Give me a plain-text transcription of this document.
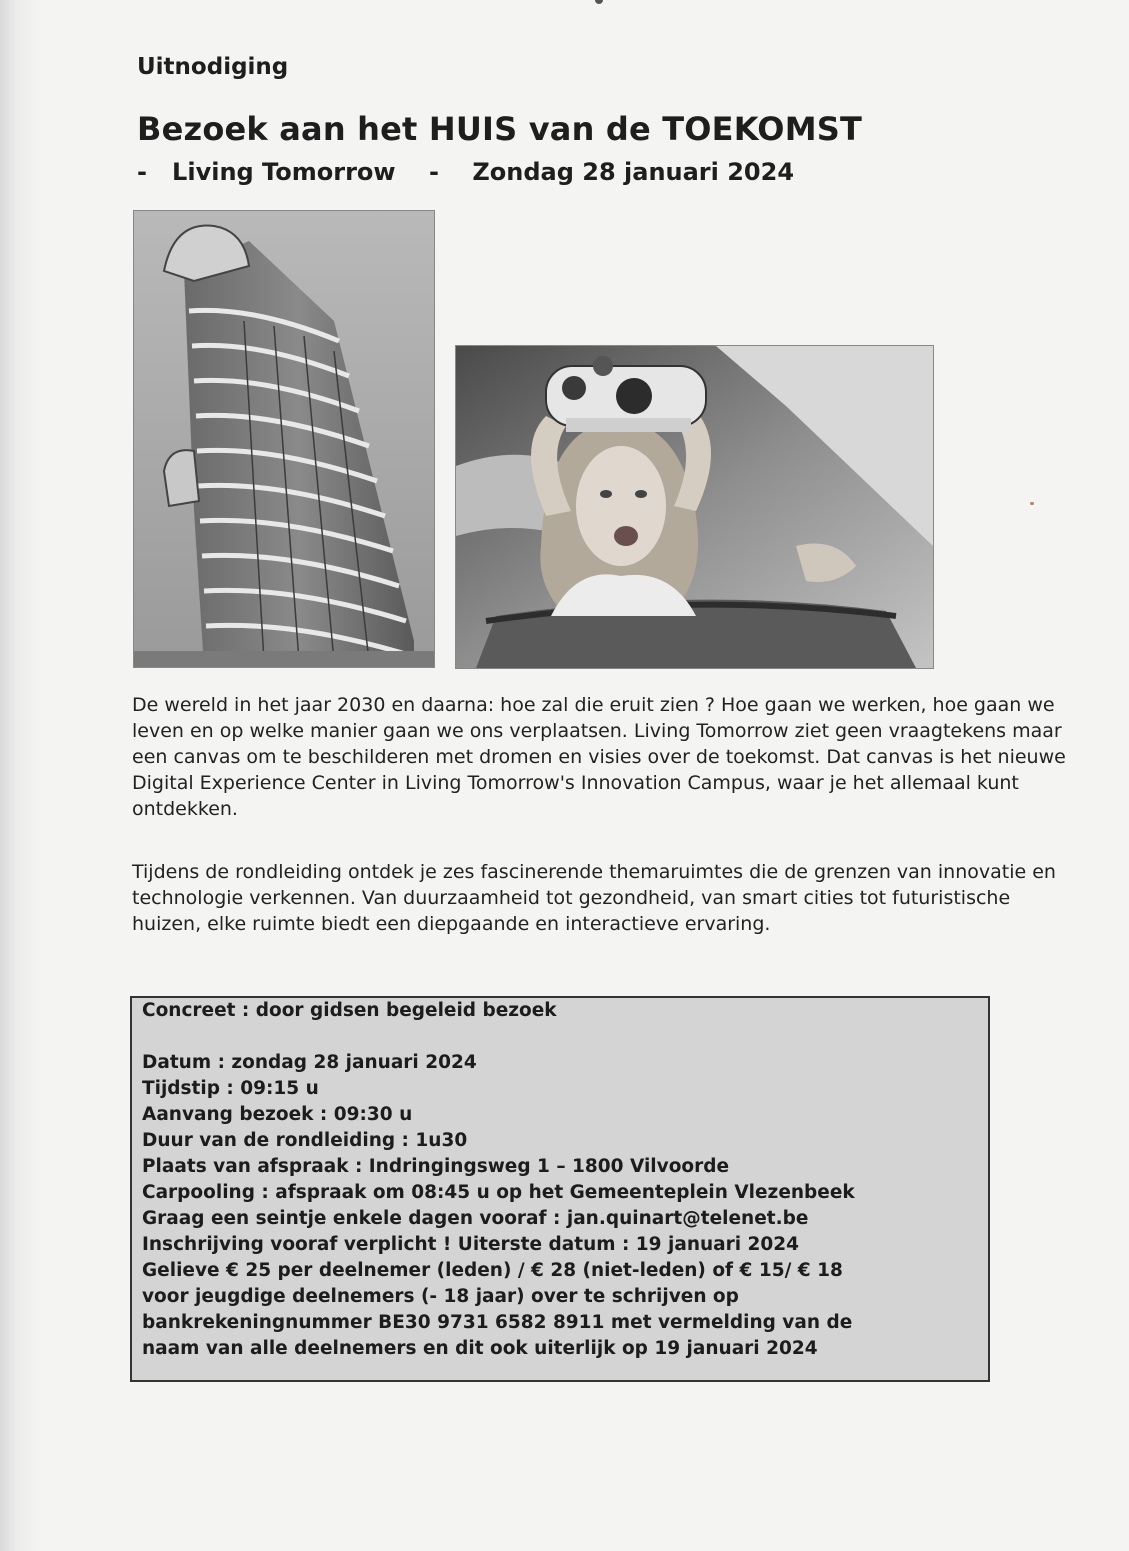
Uitnodiging
Bezoek aan het HUIS van de TOEKOMST
- Living Tomorrow - Zondag 28 januari 2024
De wereld in het jaar 2030 en daarna: hoe zal die eruit zien ? Hoe gaan we werken, hoe gaan we leven en op welke manier gaan we ons verplaatsen. Living Tomorrow ziet geen vraagtekens maar een canvas om te beschilderen met dromen en visies over de toekomst. Dat canvas is het nieuwe Digital Experience Center in Living Tomorrow's Innovation Campus, waar je het allemaal kunt ontdekken.
Tijdens de rondleiding ontdek je zes fascinerende themaruimtes die de grenzen van innovatie en technologie verkennen. Van duurzaamheid tot gezondheid, van smart cities tot futuristische huizen, elke ruimte biedt een diepgaande en interactieve ervaring.
Concreet : door gidsen begeleid bezoek
Datum : zondag 28 januari 2024
Tijdstip : 09:15 u
Aanvang bezoek : 09:30 u
Duur van de rondleiding : 1u30
Plaats van afspraak : Indringingsweg 1 – 1800 Vilvoorde
Carpooling : afspraak om 08:45 u op het Gemeenteplein Vlezenbeek
Graag een seintje enkele dagen vooraf : jan.quinart@telenet.be
Inschrijving vooraf verplicht ! Uiterste datum : 19 januari 2024
Gelieve € 25 per deelnemer (leden) / € 28 (niet-leden) of € 15/ € 18
voor jeugdige deelnemers (- 18 jaar) over te schrijven op
bankrekeningnummer BE30 9731 6582 8911 met vermelding van de
naam van alle deelnemers en dit ook uiterlijk op 19 januari 2024
